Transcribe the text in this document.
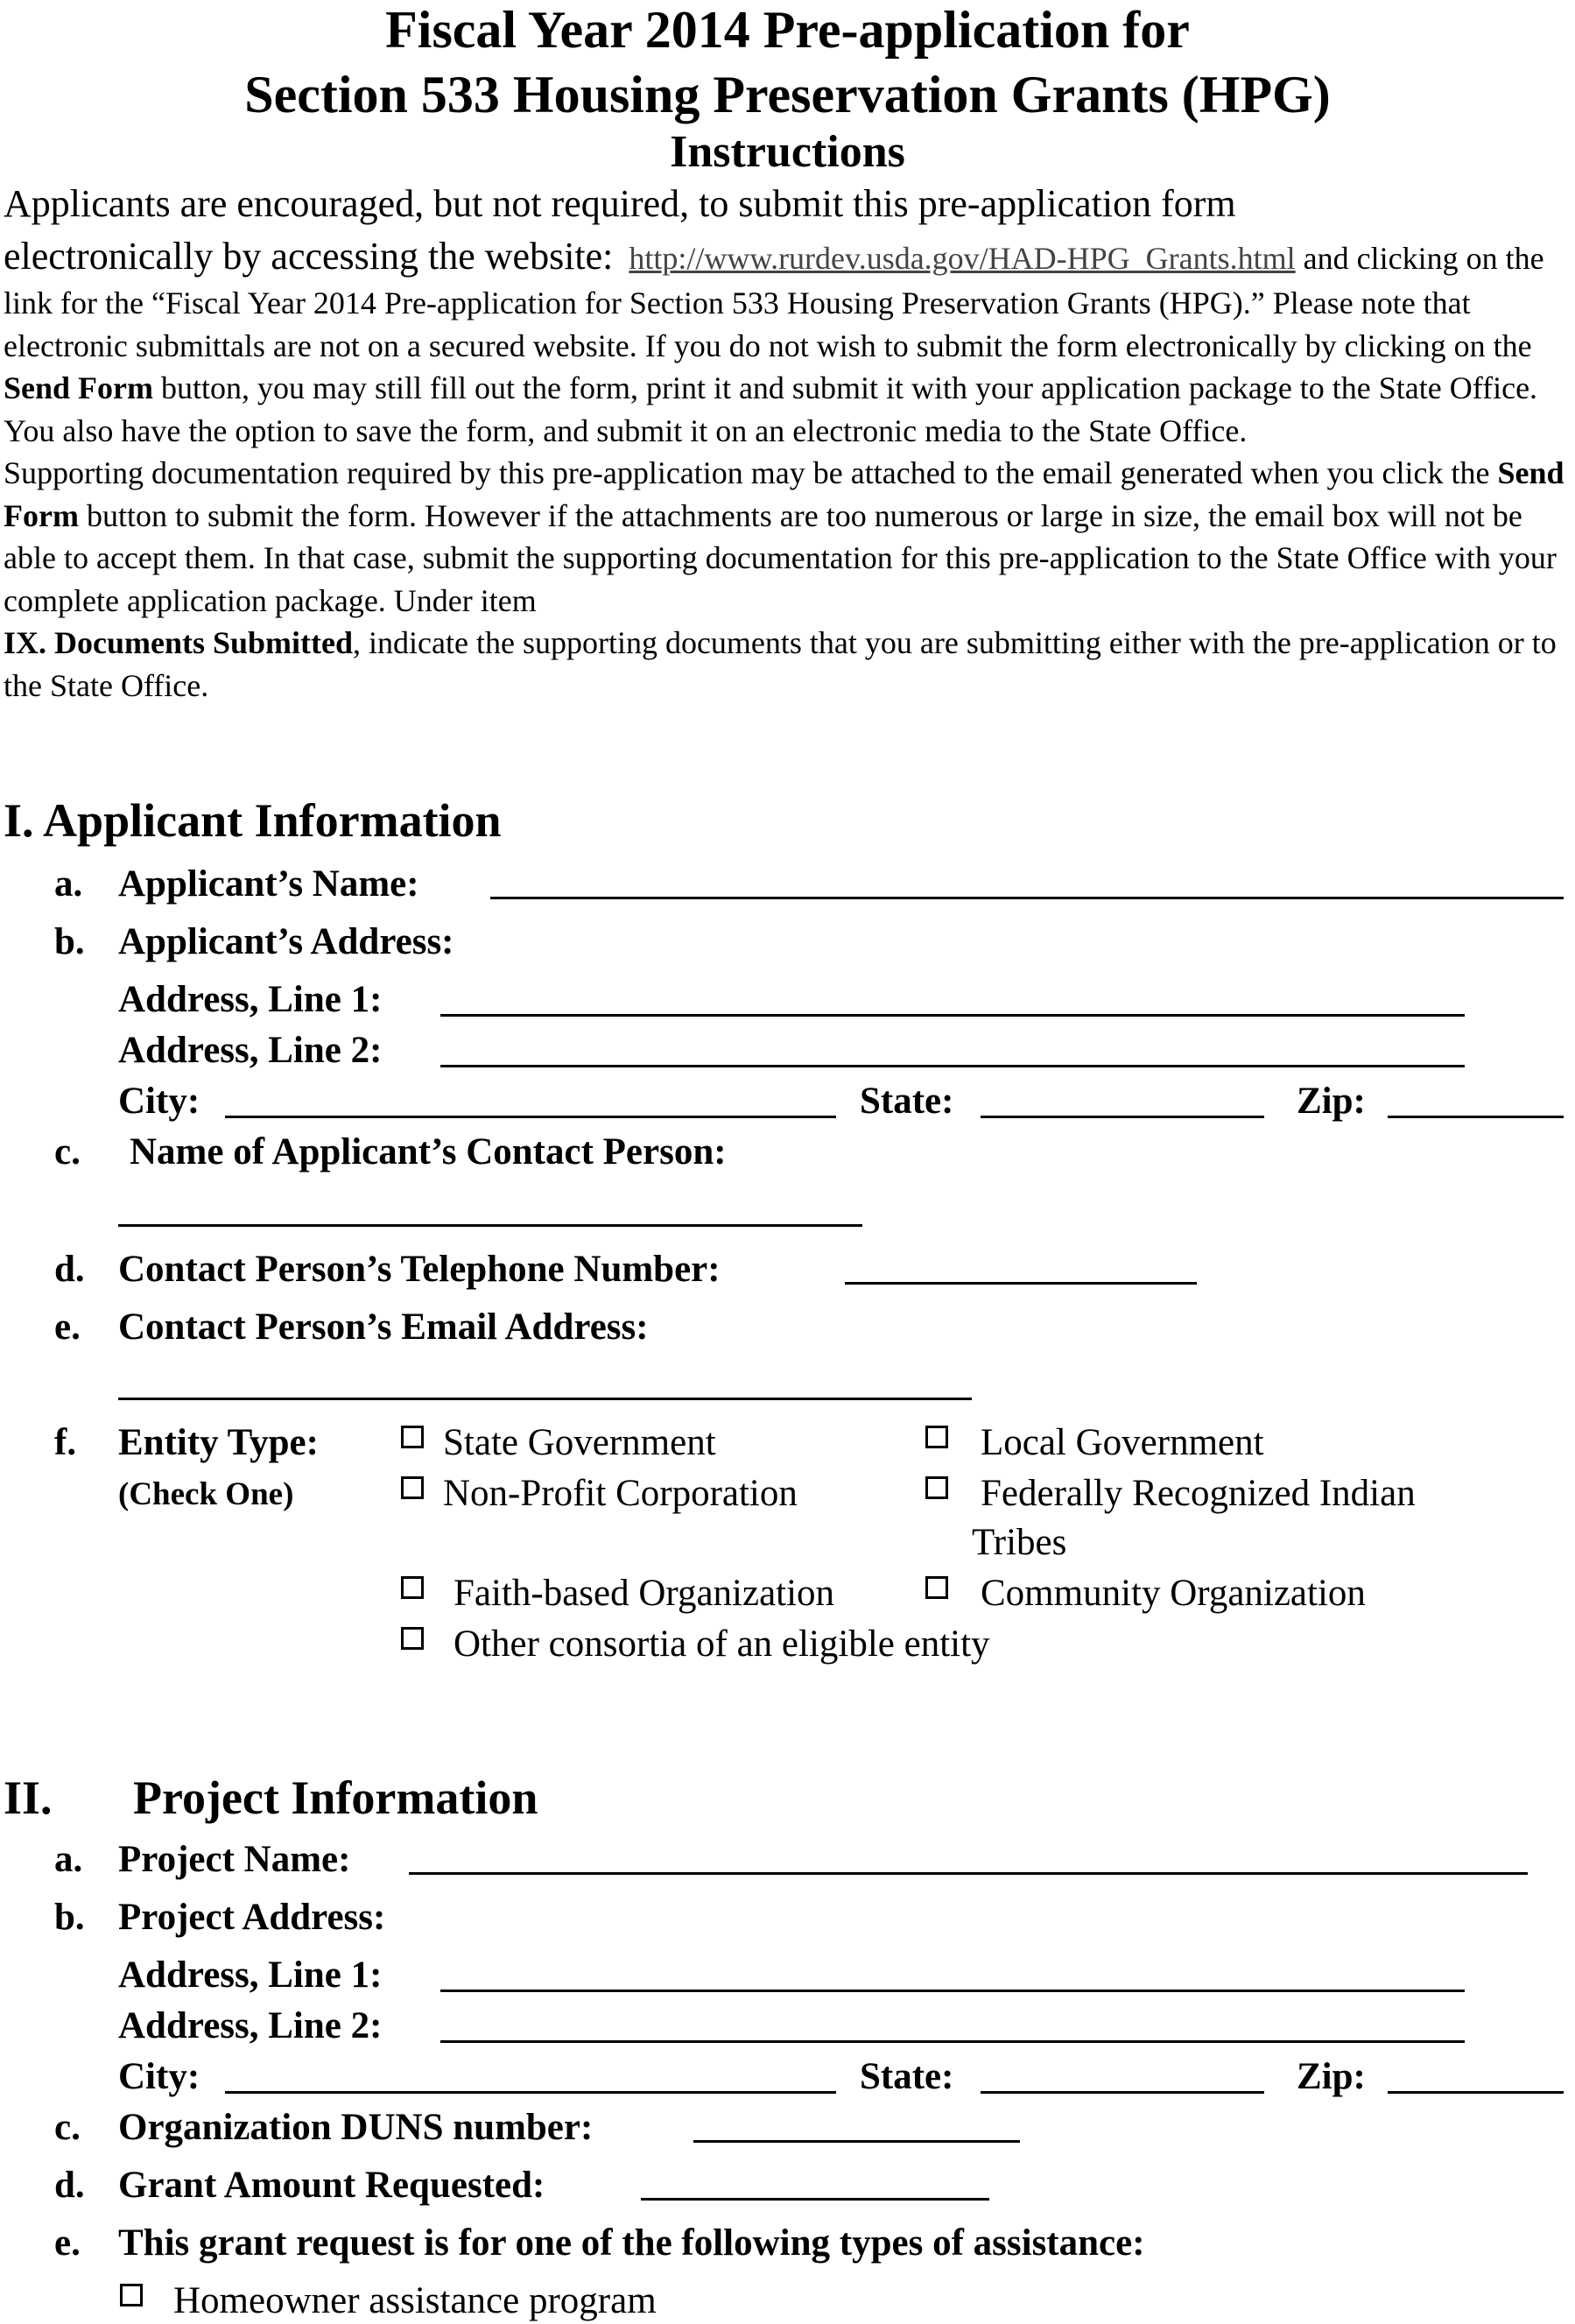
Fiscal Year 2014 Pre-application for
Section 533 Housing Preservation Grants (HPG)
Instructions

Applicants are encouraged, but not required, to submit this pre-application form

electronically by accessing the website: http://www.rurdev.usda.gov/HAD-HPG_Grants.html and clicking on the link for the “Fiscal Year 2014 Pre-application for Section 533 Housing Preservation Grants (HPG).” Please note that electronic submittals are not on a secured website. If you do not wish to submit the form electronically by clicking on the Send Form button, you may still fill out the form, print it and submit it with your application package to the State Office. You also have the option to save the form, and submit it on an electronic media to the State Office.

Supporting documentation required by this pre-application may be attached to the email generated when you click the Send Form button to submit the form. However if the attachments are too numerous or large in size, the email box will not be able to accept them. In that case, submit the supporting documentation for this pre-application to the State Office with your complete application package. Under item
IX. Documents Submitted, indicate the supporting documents that you are submitting either with the pre-application or to the State Office.

I. Applicant Information
a. Applicant’s Name:
b. Applicant’s Address:
Address, Line 1:
Address, Line 2:
City:	State:	Zip:
c. Name of Applicant’s Contact Person:
d. Contact Person’s Telephone Number:
e. Contact Person’s Email Address:
f. Entity Type:
(Check One)
State Government	Local Government
Non-Profit Corporation	Federally Recognized Indian
Tribes
Faith-based Organization	Community Organization
Other consortia of an eligible entity
II. Project Information
a. Project Name:
b. Project Address:
Address, Line 1:
Address, Line 2:
City:	State:	Zip:
c. Organization DUNS number:
d. Grant Amount Requested:
e. This grant request is for one of the following types of assistance:
Homeowner assistance program
